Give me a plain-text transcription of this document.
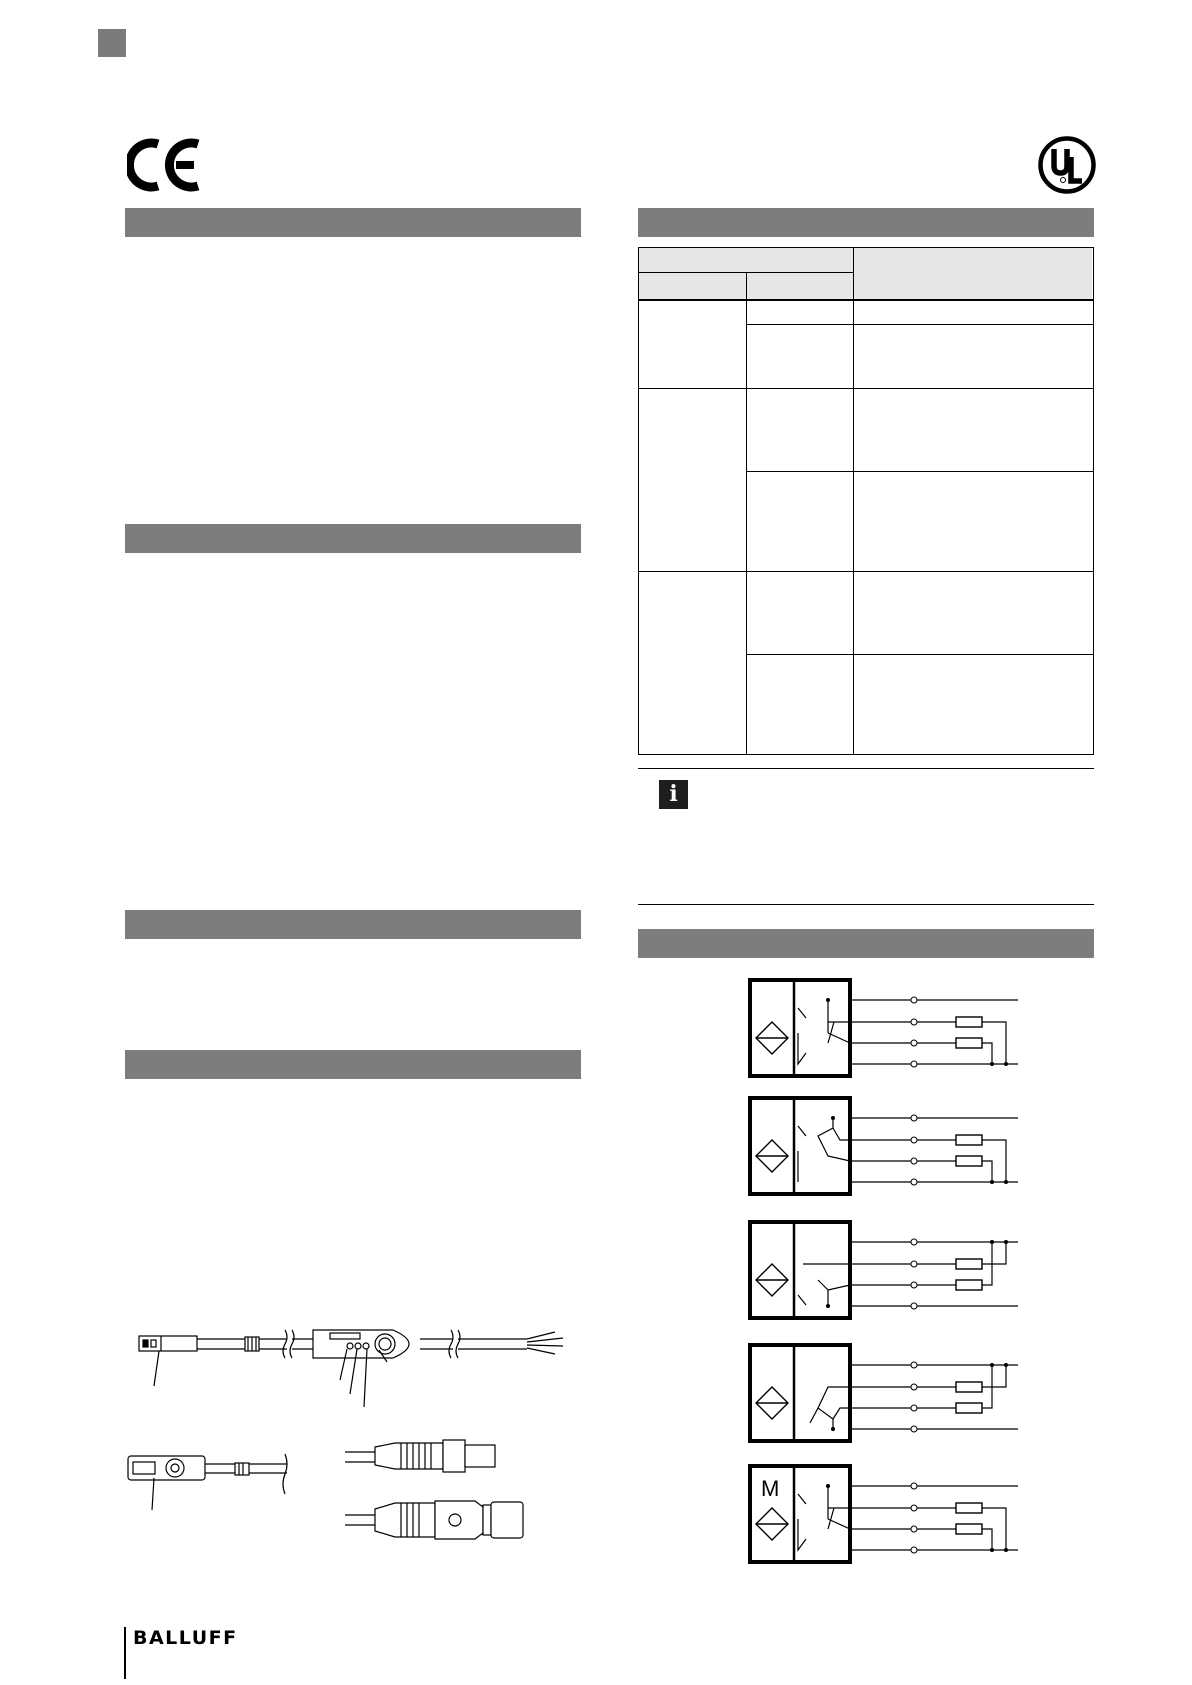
i
M
BALLUFF
